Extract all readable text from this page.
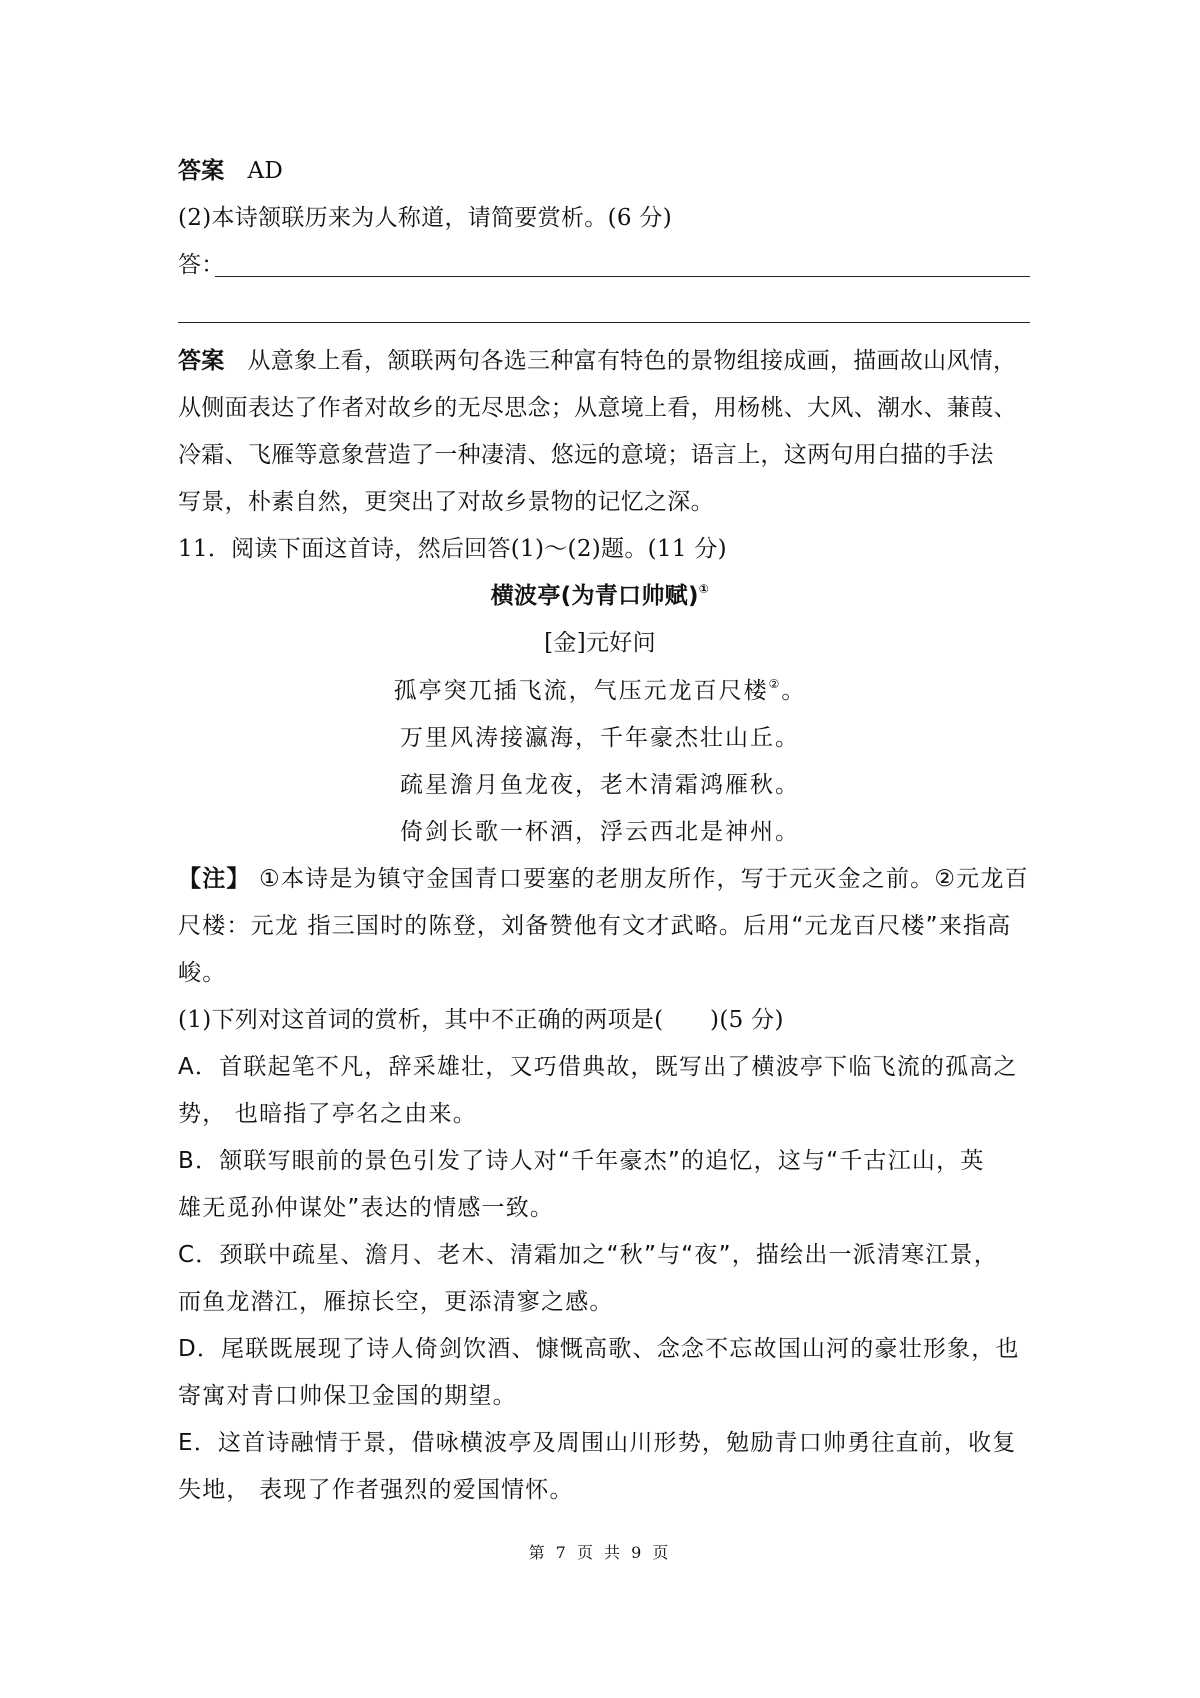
答案 AD
(2)本诗颔联历来为人称道，请简要赏析。(6 分)
答：
答案 从意象上看，颔联两句各选三种富有特色的景物组接成画，描画故山风情，
从侧面表达了作者对故乡的无尽思念；从意境上看，用杨桃、大风、潮水、蒹葭、
冷霜、飞雁等意象营造了一种凄清、悠远的意境；语言上，这两句用白描的手法
写景，朴素自然，更突出了对故乡景物的记忆之深。
11．阅读下面这首诗，然后回答(1)～(2)题。(11 分)
横波亭(为青口帅赋)①
[金]元好问
孤亭突兀插飞流，气压元龙百尺楼②。
万里风涛接瀛海，千年豪杰壮山丘。
疏星澹月鱼龙夜，老木清霜鸿雁秋。
倚剑长歌一杯酒，浮云西北是神州。
【注】 ①本诗是为镇守金国青口要塞的老朋友所作，写于元灭金之前。②元龙百
尺楼：元龙 指三国时的陈登，刘备赞他有文才武略。后用“元龙百尺楼”来指高
峻。
(1)下列对这首词的赏析，其中不正确的两项是(　　)(5 分)
A．首联起笔不凡，辞采雄壮，又巧借典故，既写出了横波亭下临飞流的孤高之
势， 也暗指了亭名之由来。
B．颔联写眼前的景色引发了诗人对“千年豪杰”的追忆，这与“千古江山，英
雄无觅孙仲谋处”表达的情感一致。
C．颈联中疏星、澹月、老木、清霜加之“秋”与“夜”，描绘出一派清寒江景，
而鱼龙潜江，雁掠长空，更添清寥之感。
D．尾联既展现了诗人倚剑饮酒、慷慨高歌、念念不忘故国山河的豪壮形象，也
寄寓对青口帅保卫金国的期望。
E．这首诗融情于景，借咏横波亭及周围山川形势，勉励青口帅勇往直前，收复
失地， 表现了作者强烈的爱国情怀。
第 7 页 共 9 页
